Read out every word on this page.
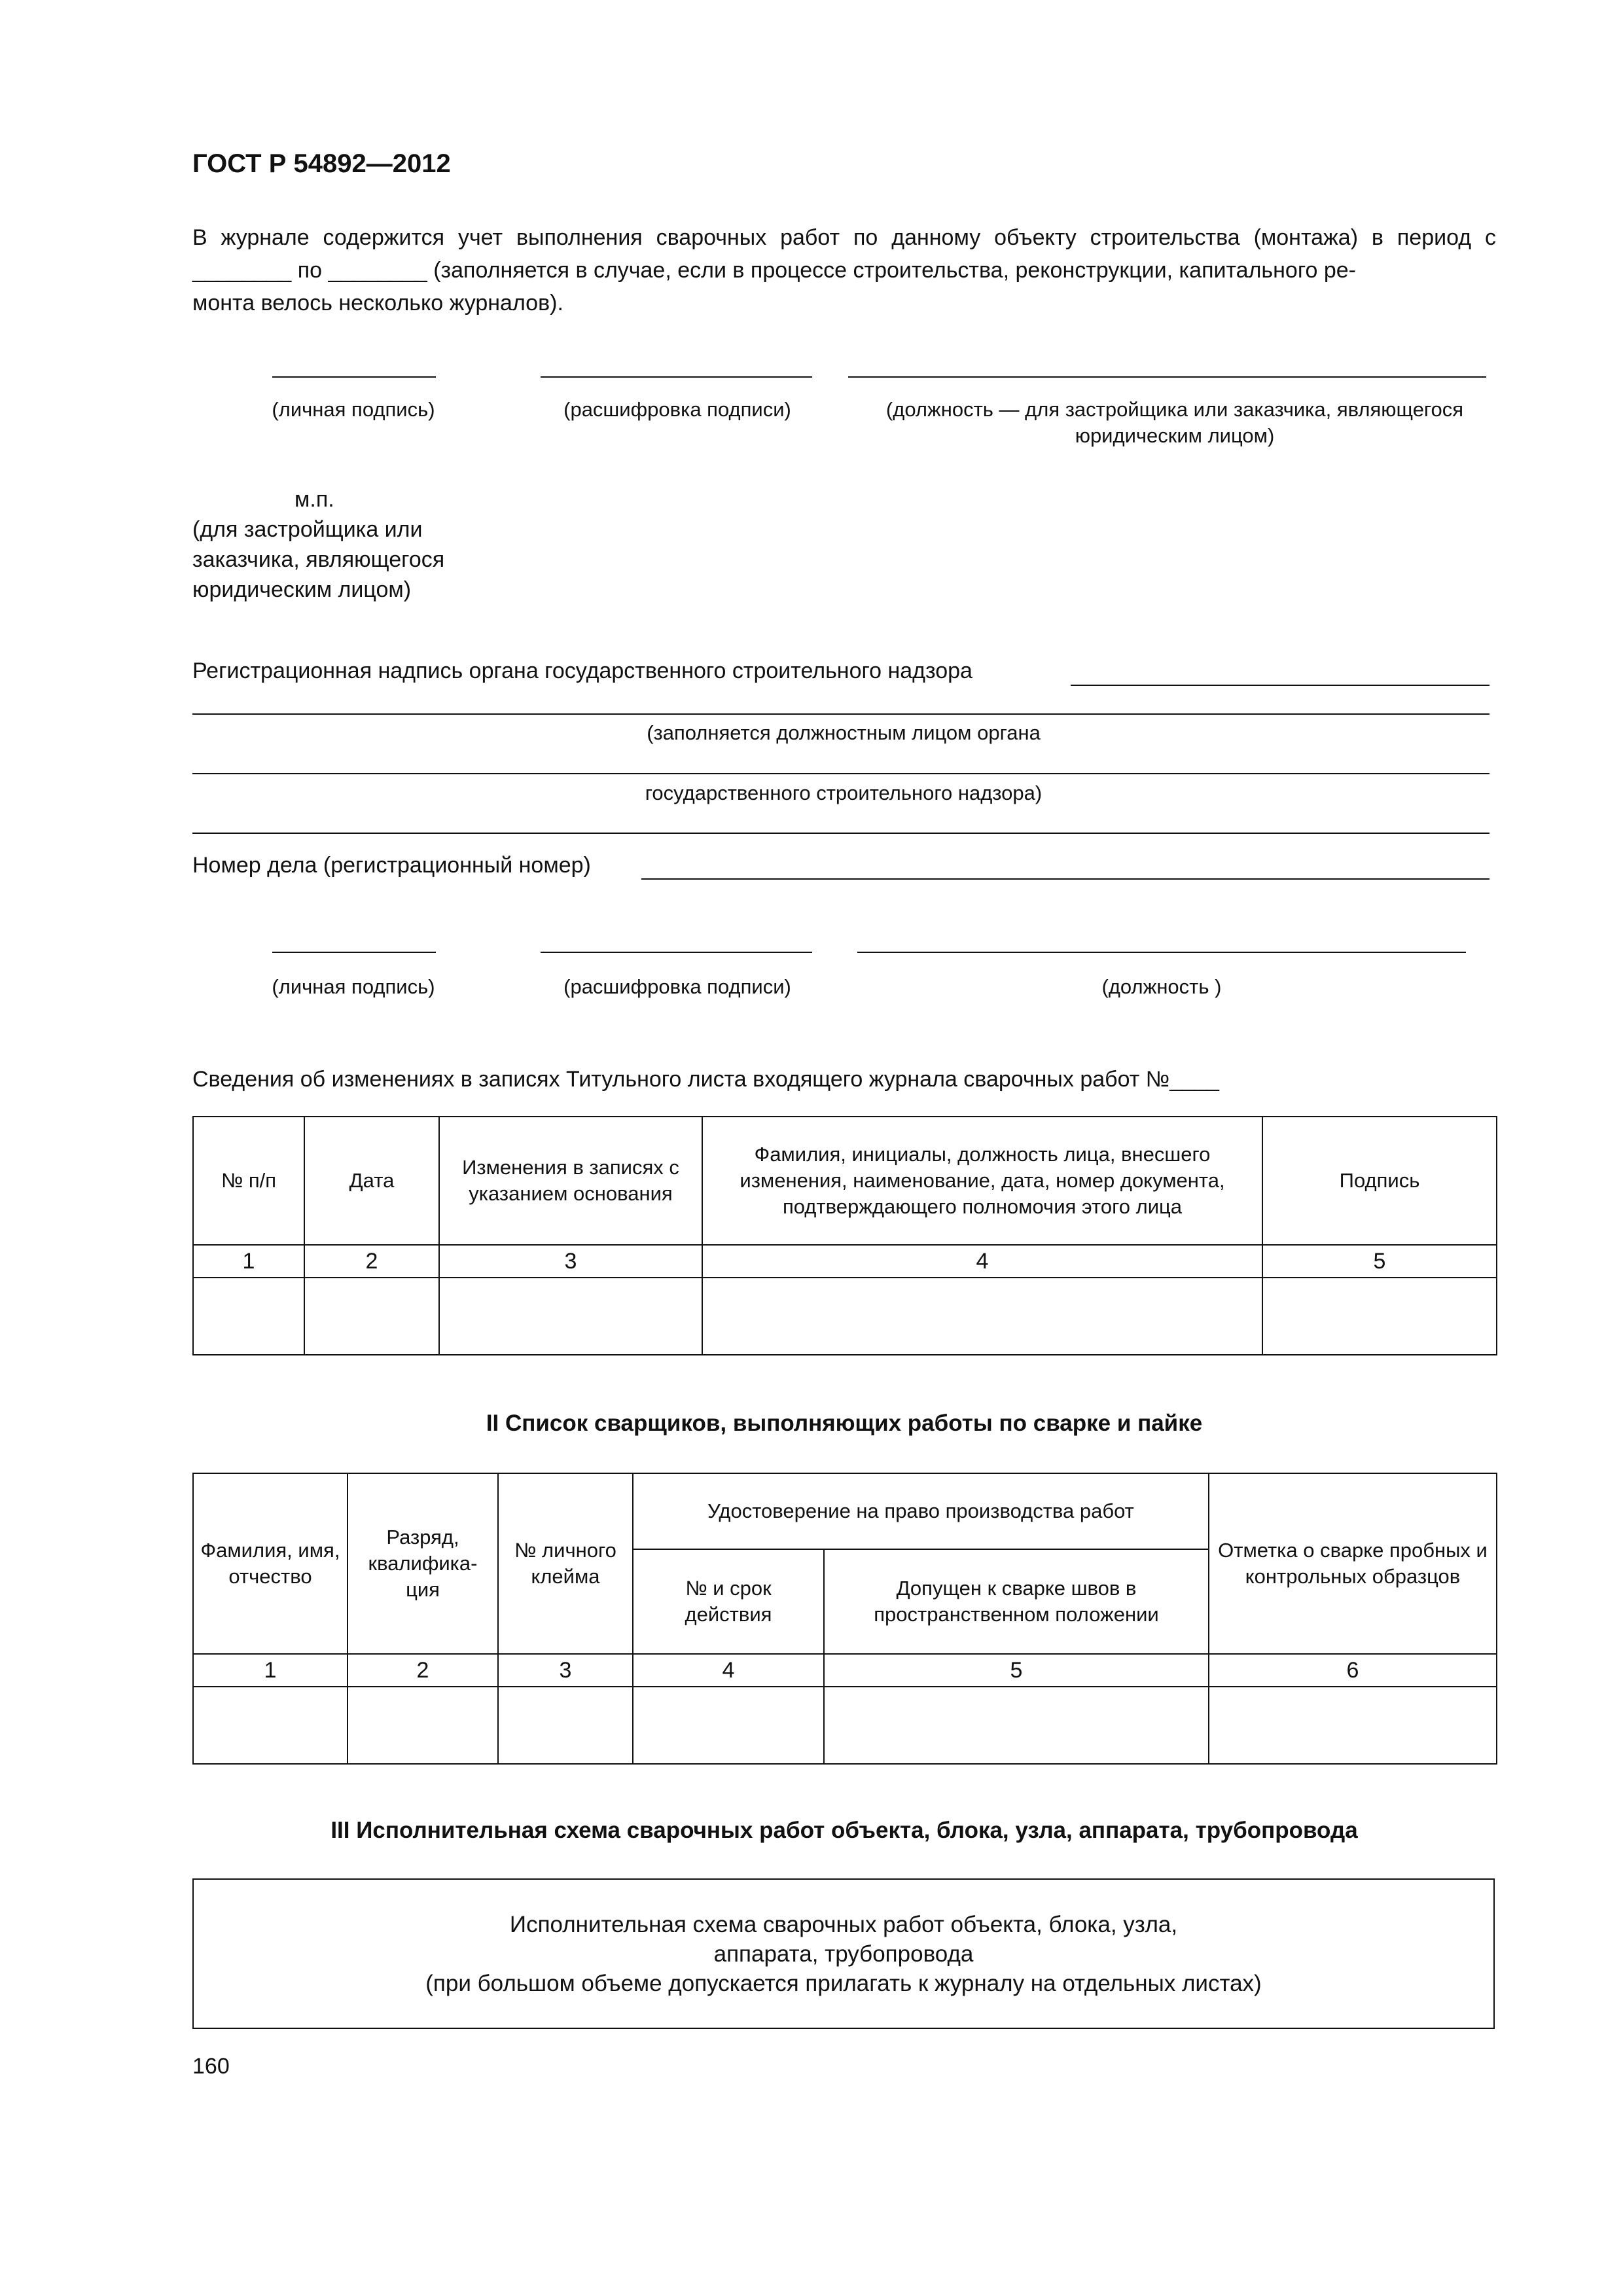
ГОСТ Р 54892—2012
В журнале содержится учет выполнения сварочных работ по данному объекту строительства (монтажа) в период с ________ по ________ (заполняется в случае, если в процессе строительства, реконструкции, капитального ре-
монта велось несколько журналов).
(личная подпись)	(расшифровка подписи)	(должность — для застройщика или заказчика, являющегося юридическим лицом)
м.п.
(для застройщика или
заказчика, являющегося
юридическим лицом)
Регистрационная надпись органа государственного строительного надзора
(заполняется должностным лицом органа
государственного строительного надзора)
Номер дела (регистрационный номер)
(личная подпись)	(расшифровка подписи)	(должность )
Сведения об изменениях в записях Титульного листа входящего журнала сварочных работ №____
№ п/п	Дата	Изменения в записях с указанием основания	Фамилия, инициалы, должность лица, внесшего изменения, наименование, дата, номер документа, подтверждающего полномочия этого лица	Подпись
1	2	3	4	5

II Список сварщиков, выполняющих работы по сварке и пайке
Фамилия, имя, отчество	Разряд, квалифика-ция	№ личного клейма	Удостоверение на право производства работ		Отметка о сварке пробных и контрольных образцов
			№ и срок действия	Допущен к сварке швов в пространственном положении	
1	2	3	4	5	6

III Исполнительная схема сварочных работ объекта, блока, узла, аппарата, трубопровода
Исполнительная схема сварочных работ объекта, блока, узла,
аппарата, трубопровода
(при большом объеме допускается прилагать к журналу на отдельных листах)
160
